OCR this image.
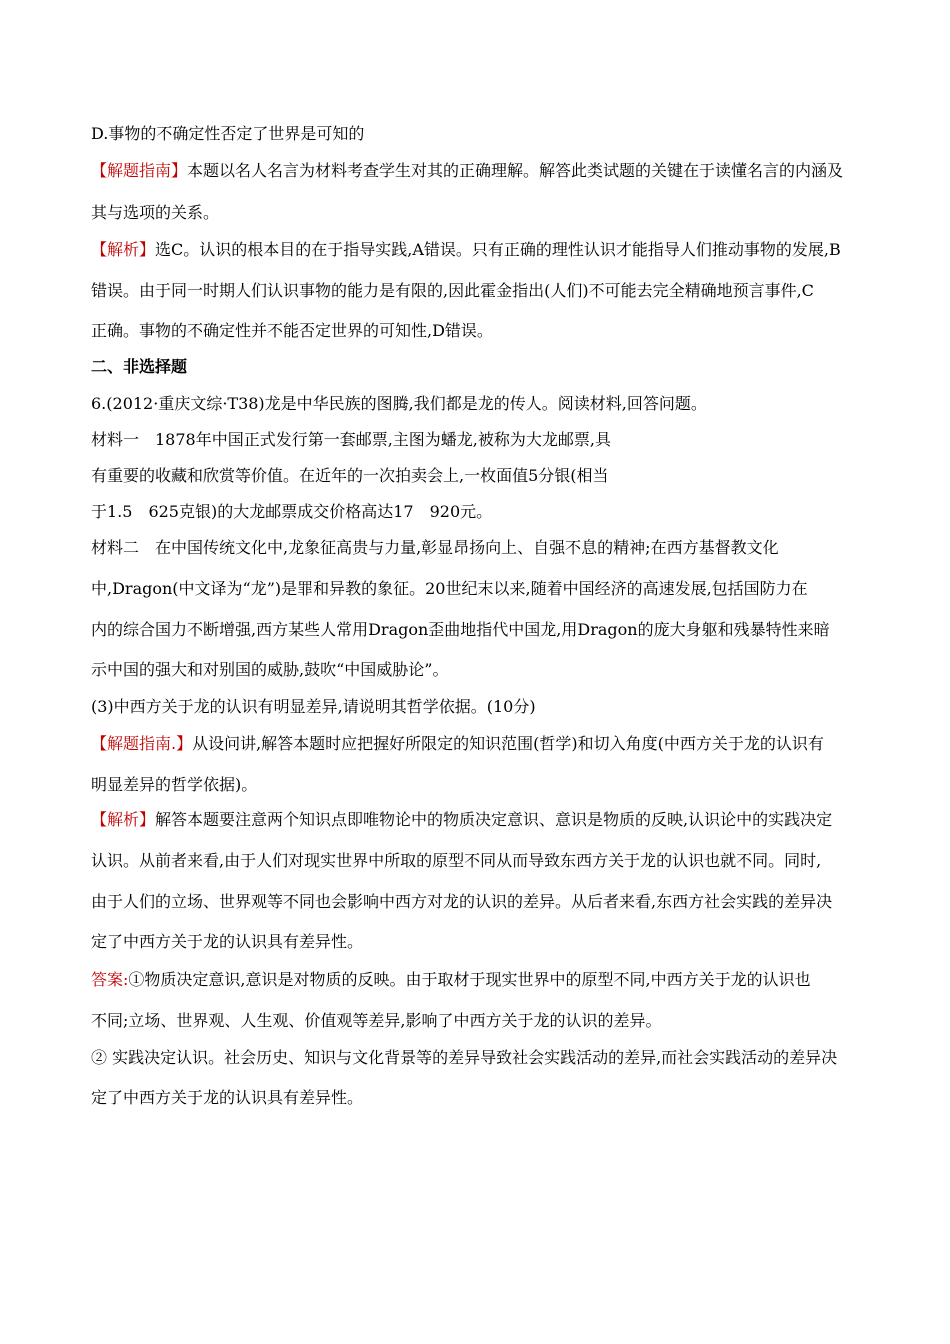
D.事物的不确定性否定了世界是可知的
【解题指南】本题以名人名言为材料考查学生对其的正确理解。解答此类试题的关键在于读懂名言的内涵及
其与选项的关系。
【解析】选C。认识的根本目的在于指导实践,A错误。只有正确的理性认识才能指导人们推动事物的发展,B
错误。由于同一时期人们认识事物的能力是有限的,因此霍金指出(人们)不可能去完全精确地预言事件,C
正确。事物的不确定性并不能否定世界的可知性,D错误。
二、非选择题
6.(2012·重庆文综·T38)龙是中华民族的图腾,我们都是龙的传人。阅读材料,回答问题。
材料一　1878年中国正式发行第一套邮票,主图为蟠龙,被称为大龙邮票,具
有重要的收藏和欣赏等价值。在近年的一次拍卖会上,一枚面值5分银(相当
于1.5　625克银)的大龙邮票成交价格高达17　920元。
材料二　在中国传统文化中,龙象征高贵与力量,彰显昂扬向上、自强不息的精神;在西方基督教文化
中,Dragon(中文译为“龙”)是罪和异教的象征。20世纪末以来,随着中国经济的高速发展,包括国防力在
内的综合国力不断增强,西方某些人常用Dragon歪曲地指代中国龙,用Dragon的庞大身躯和残暴特性来暗
示中国的强大和对别国的威胁,鼓吹“中国威胁论”。
(3)中西方关于龙的认识有明显差异,请说明其哲学依据。(10分)
【解题指南.】从设问讲,解答本题时应把握好所限定的知识范围(哲学)和切入角度(中西方关于龙的认识有
明显差异的哲学依据)。
【解析】解答本题要注意两个知识点即唯物论中的物质决定意识、意识是物质的反映,认识论中的实践决定
认识。从前者来看,由于人们对现实世界中所取的原型不同从而导致东西方关于龙的认识也就不同。同时,
由于人们的立场、世界观等不同也会影响中西方对龙的认识的差异。从后者来看,东西方社会实践的差异决
定了中西方关于龙的认识具有差异性。
答案:①物质决定意识,意识是对物质的反映。由于取材于现实世界中的原型不同,中西方关于龙的认识也
不同;立场、世界观、人生观、价值观等差异,影响了中西方关于龙的认识的差异。
② 实践决定认识。社会历史、知识与文化背景等的差异导致社会实践活动的差异,而社会实践活动的差异决
定了中西方关于龙的认识具有差异性。
